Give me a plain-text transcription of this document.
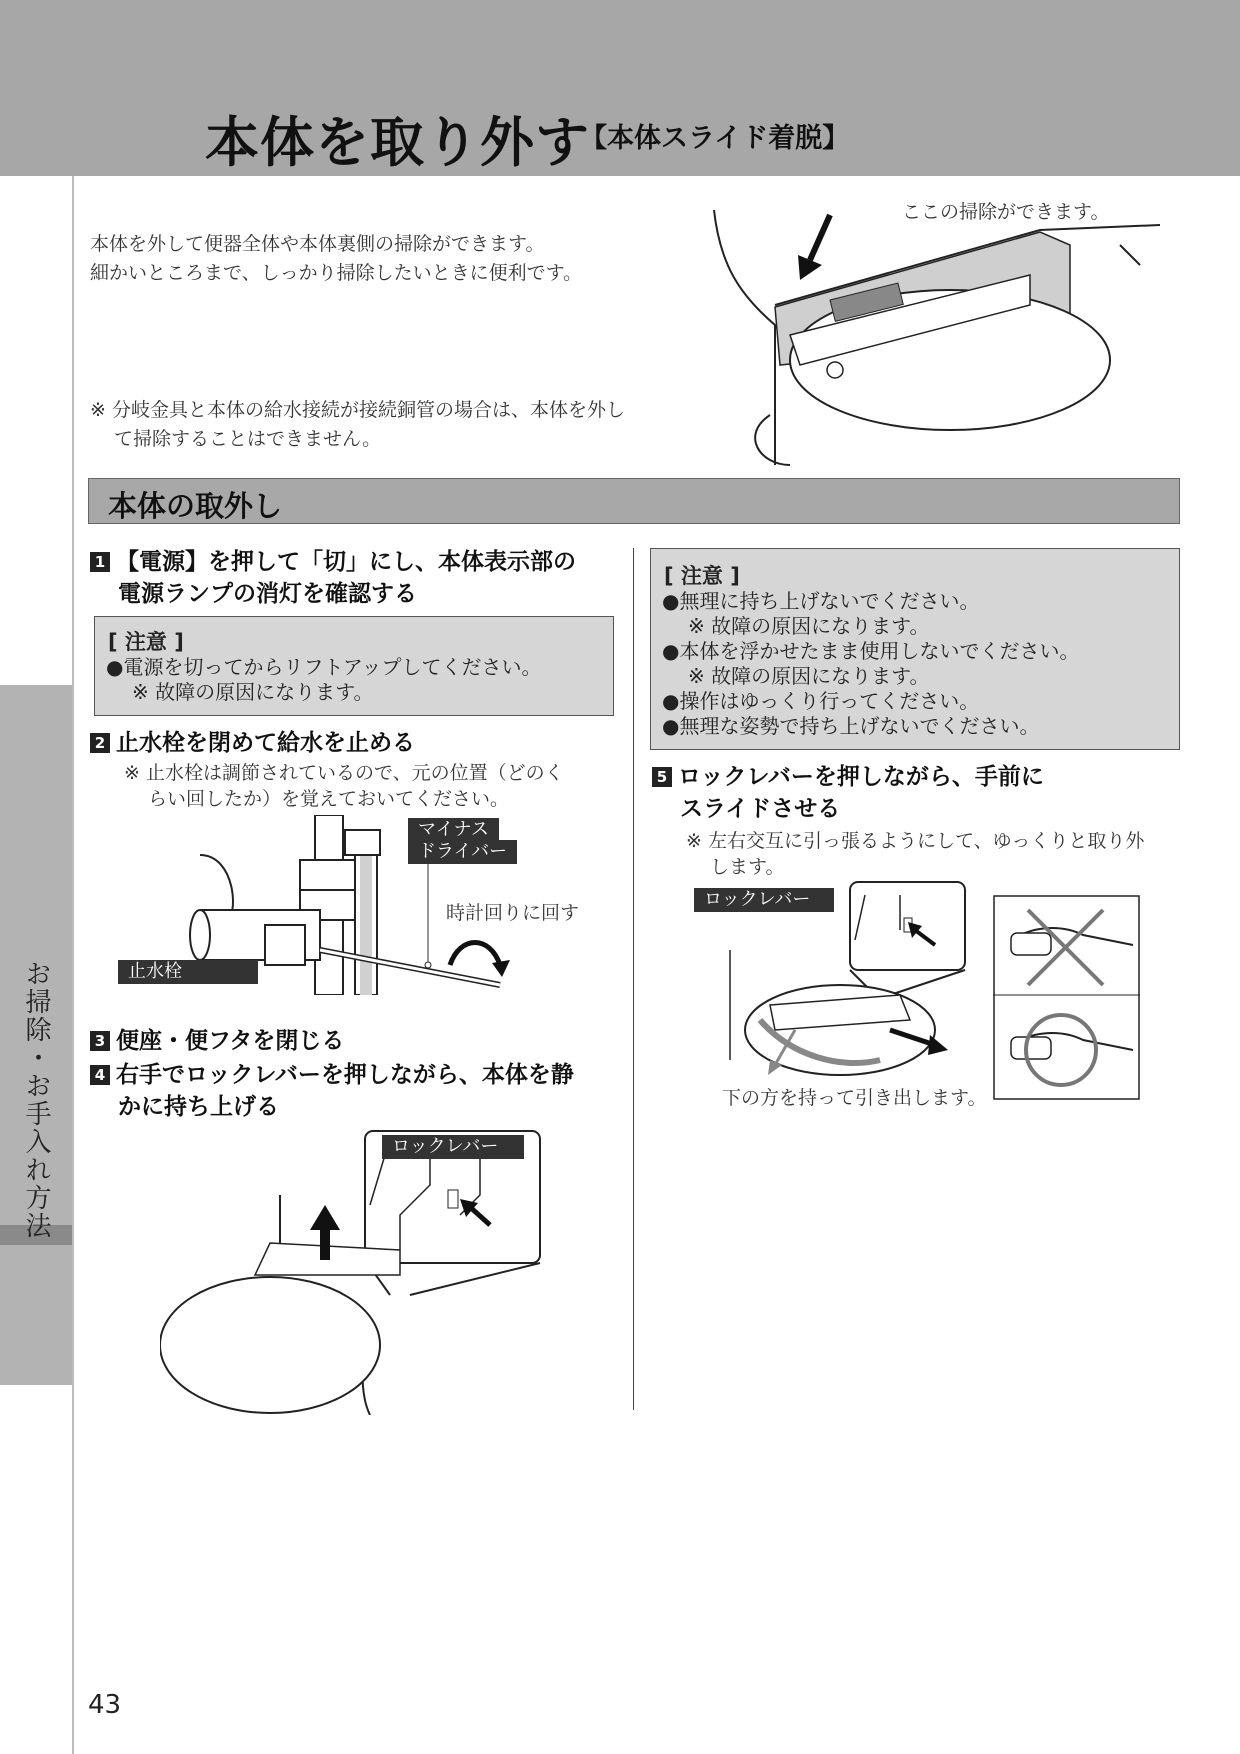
本体を取り外す
【本体スライド着脱】
お掃除・お手入れ方法
本体を外して便器全体や本体裏側の掃除ができます。
細かいところまで、しっかり掃除したいときに便利です。
※ 分岐金具と本体の給水接続が接続銅管の場合は、本体を外し
て掃除することはできません。
ここの掃除ができます。
本体の取外し
1 【電源】を押して「切」にし、本体表示部の
電源ランプの消灯を確認する
[ 注意 ]
●電源を切ってからリフトアップしてください。
※ 故障の原因になります。
2 止水栓を閉めて給水を止める
※ 止水栓は調節されているので、元の位置（どのく
らい回したか）を覚えておいてください。
マイナス
ドライバー
時計回りに回す
止水栓
3 便座・便フタを閉じる
4 右手でロックレバーを押しながら、本体を静
かに持ち上げる
ロックレバー
[ 注意 ]
●無理に持ち上げないでください。
※ 故障の原因になります。
●本体を浮かせたまま使用しないでください。
※ 故障の原因になります。
●操作はゆっくり行ってください。
●無理な姿勢で持ち上げないでください。
5 ロックレバーを押しながら、手前に
スライドさせる
※ 左右交互に引っ張るようにして、ゆっくりと取り外
します。
ロックレバー
下の方を持って引き出します。
43
